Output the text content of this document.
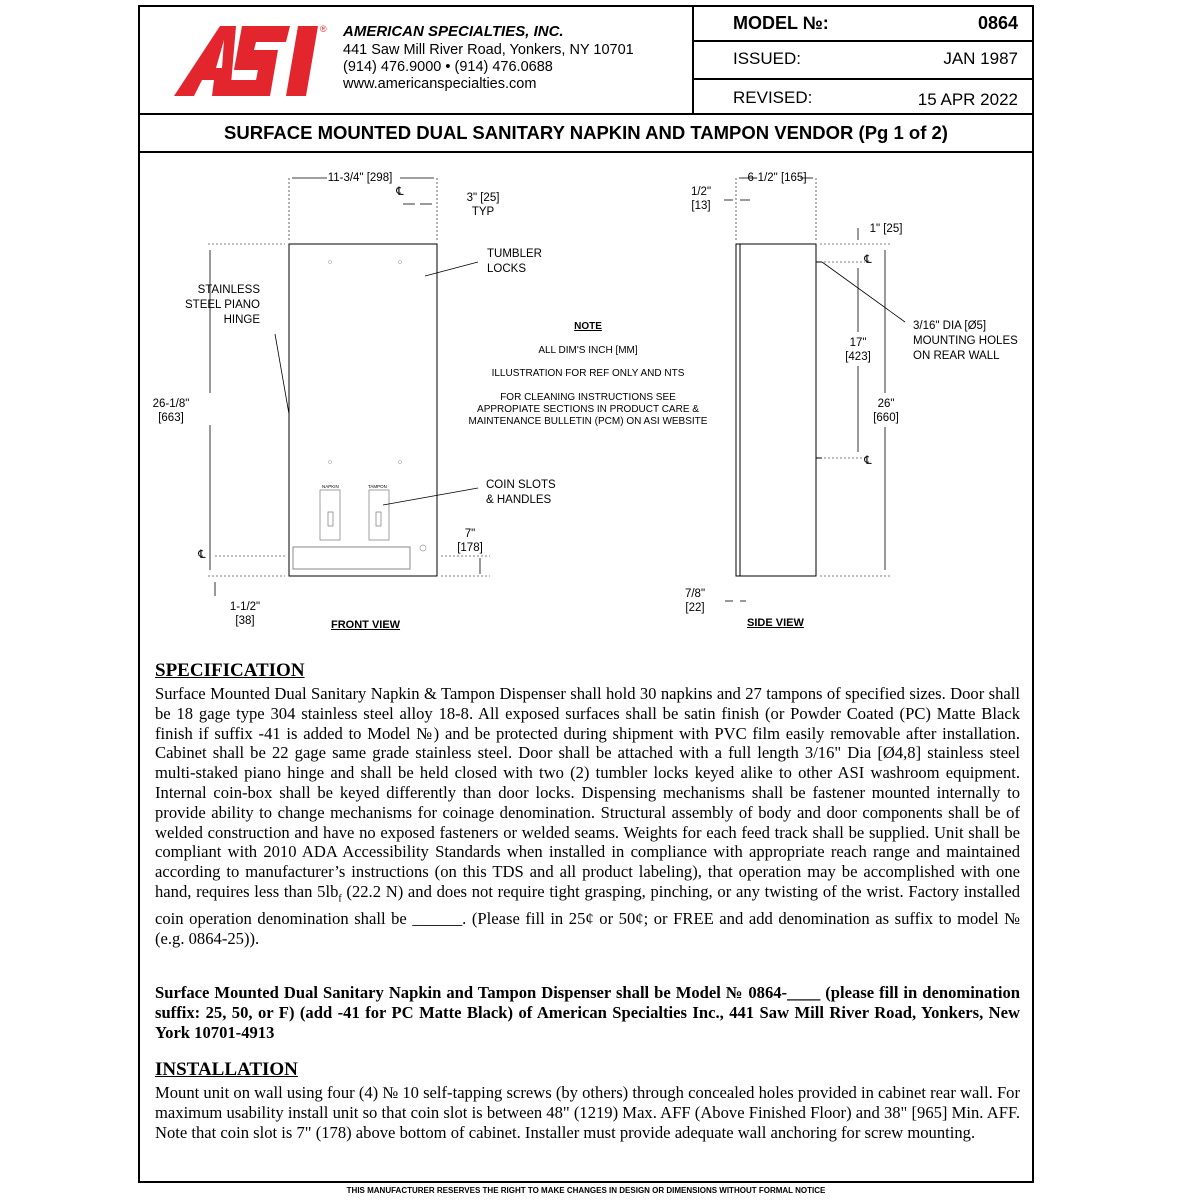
® AMERICAN SPECIALTIES, INC.
441 Saw Mill River Road, Yonkers, NY 10701
(914) 476.9000 • (914) 476.0688
www.americanspecialties.com
MODEL №:	0864
ISSUED:	JAN 1987
REVISED:	15 APR 2022
SURFACE MOUNTED DUAL SANITARY NAPKIN AND TAMPON VENDOR (Pg 1 of 2)
11-3/4" [298]
℄	3" [25]
TYP
STAINLESS
STEEL PIANO
HINGE
TUMBLER
LOCKS
26-1/8"
[663]
COIN SLOTS
& HANDLES
NAPKIN	TAMPON
7"
[178]
℄
1-1/2"
[38]	FRONT VIEW
NOTE
ALL DIM'S INCH [MM]
ILLUSTRATION FOR REF ONLY AND NTS
FOR CLEANING INSTRUCTIONS SEE
APPROPIATE SECTIONS IN PRODUCT CARE &
MAINTENANCE BULLETIN (PCM) ON ASI WEBSITE
1/2"
[13]
6-1/2" [165]
1" [25]
℄
3/16" DIA [Ø5]
MOUNTING HOLES
ON REAR WALL
17"
[423]
26"
[660]
℄
7/8"
[22]
SIDE VIEW
SPECIFICATION
Surface Mounted Dual Sanitary Napkin & Tampon Dispenser shall hold 30 napkins and 27 tampons of specified sizes. Door shall be 18 gage type 304 stainless steel alloy 18-8. All exposed surfaces shall be satin finish (or Powder Coated (PC) Matte Black finish if suffix -41 is added to Model №) and be protected during shipment with PVC film easily removable after installation. Cabinet shall be 22 gage same grade stainless steel. Door shall be attached with a full length 3/16" Dia [Ø4,8] stainless steel multi-staked piano hinge and shall be held closed with two (2) tumbler locks keyed alike to other ASI washroom equipment. Internal coin-box shall be keyed differently than door locks. Dispensing mechanisms shall be fastener mounted internally to provide ability to change mechanisms for coinage denomination. Structural assembly of body and door components shall be of welded construction and have no exposed fasteners or welded seams. Weights for each feed track shall be supplied. Unit shall be compliant with 2010 ADA Accessibility Standards when installed in compliance with appropriate reach range and maintained according to manufacturer’s instructions (on this TDS and all product labeling), that operation may be accomplished with one hand, requires less than $5lb_f$ (22.2 N) and does not require tight grasping, pinching, or any twisting of the wrist. Factory installed coin operation denomination shall be ______. (Please fill in 25¢ or 50¢; or FREE and add denomination as suffix to model № (e.g. 0864-25)).
Surface Mounted Dual Sanitary Napkin and Tampon Dispenser shall be Model № 0864-____ (please fill in denomination suffix: 25, 50, or F) (add -41 for PC Matte Black) of American Specialties Inc., 441 Saw Mill River Road, Yonkers, New York 10701-4913
INSTALLATION
Mount unit on wall using four (4) № 10 self-tapping screws (by others) through concealed holes provided in cabinet rear wall. For maximum usability install unit so that coin slot is between 48" (1219) Max. AFF (Above Finished Floor) and 38" [965] Min. AFF. Note that coin slot is 7" (178) above bottom of cabinet. Installer must provide adequate wall anchoring for screw mounting.
THIS MANUFACTURER RESERVES THE RIGHT TO MAKE CHANGES IN DESIGN OR DIMENSIONS WITHOUT FORMAL NOTICE
